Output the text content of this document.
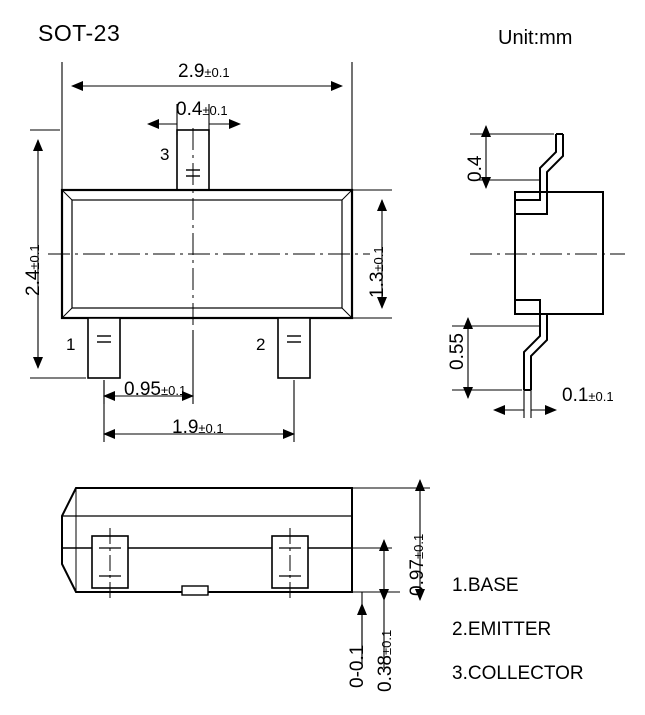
SOT-23	Unit:mm
2.9±0.1
0.4±0.1
2.4±0.1
1.3±0.1
0.95±0.1
1.9±0.1
3
1	2
0.4
0.55
0.1±0.1
0.97±0.1
0-0.1 0.38±0.1
1.BASE
2.EMITTER
3.COLLECTOR
